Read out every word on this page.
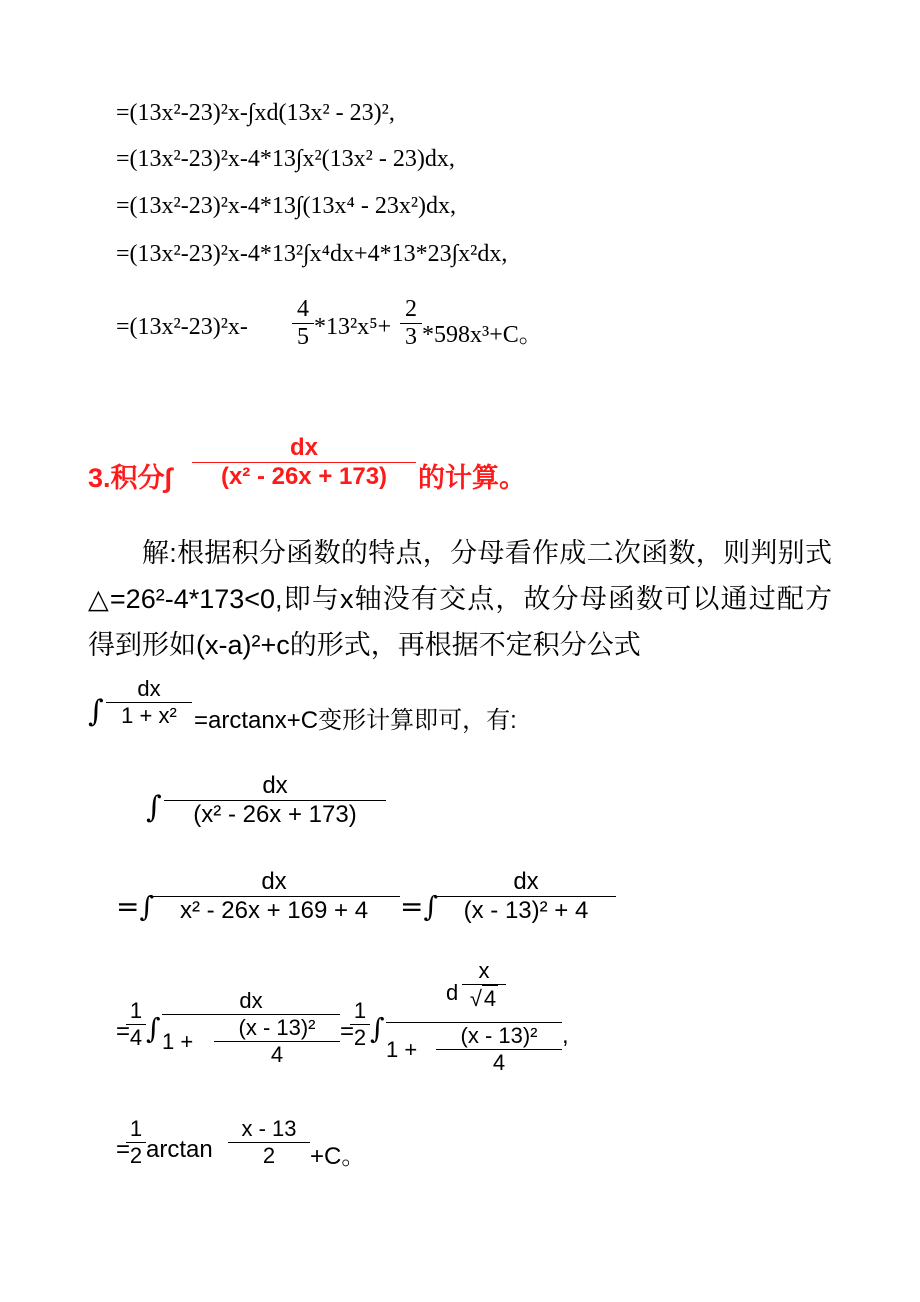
=(13x²-23)²x-∫xd(13x² - 23)²,
=(13x²-23)²x-4*13∫x²(13x² - 23)dx,
=(13x²-23)²x-4*13∫(13x⁴ - 23x²)dx,
=(13x²-23)²x-4*13²∫x⁴dx+4*13*23∫x²dx,
=(13x²-23)²x-
4
5 *13²x⁵+
2
3 *598x³+C。
3.积分∫
dx
(x² - 26x + 173)	的计算。
解:根据积分函数的特点，分母看作成二次函数，则判别式△=26²-4*173<0,即与x轴没有交点，故分母函数可以通过配方得到形如(x-a)²+c的形式，再根据不定积分公式
∫
dx
1 + x² =arctanx+C变形计算即可，有:
∫
dx
(x² - 26x + 173)
=∫
dx
x² - 26x + 169 + 4	=∫
dx
(x - 13)² + 4
=
1
4 ∫
dx
1 +
(x - 13)²
4
=
1
2 ∫
d
x
√4
1 +
(x - 13)²
4
,
=
1
2 arctan
x - 13
2	+C。
